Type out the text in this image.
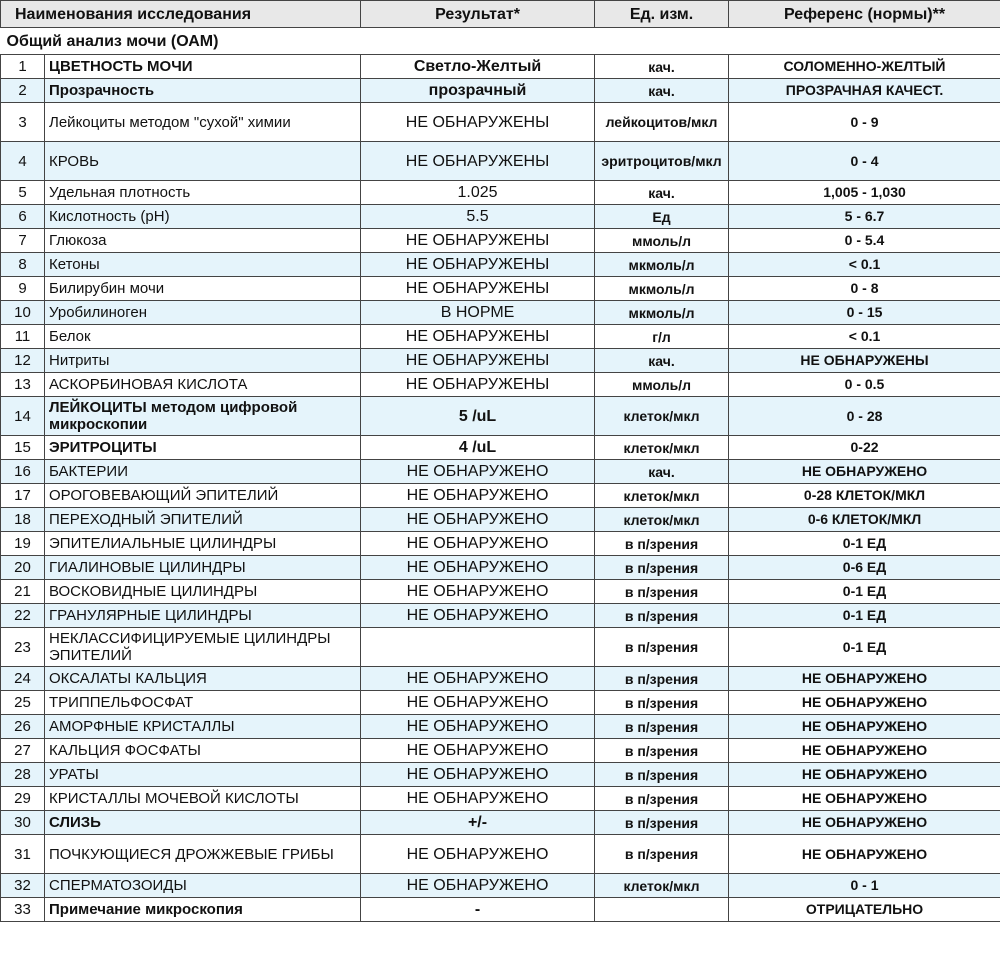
Наименования исследования		Результат*	Ед. изм.	Референс (нормы)**
Общий анализ мочи (ОАМ)				
1	ЦВЕТНОСТЬ МОЧИ	Светло-Желтый	кач.	СОЛОМЕННО-ЖЕЛТЫЙ
2	Прозрачность	прозрачный	кач.	ПРОЗРАЧНАЯ КАЧЕСТ.
3	Лейкоциты методом "сухой" химии	НЕ ОБНАРУЖЕНЫ	лейкоцитов/мкл	0 - 9
4	КРОВЬ	НЕ ОБНАРУЖЕНЫ	эритроцитов/мкл	0 - 4
5	Удельная плотность	1.025	кач.	1,005 - 1,030
6	Кислотность (pH)	5.5	Ед	5 - 6.7
7	Глюкоза	НЕ ОБНАРУЖЕНЫ	ммоль/л	0 - 5.4
8	Кетоны	НЕ ОБНАРУЖЕНЫ	мкмоль/л	< 0.1
9	Билирубин мочи	НЕ ОБНАРУЖЕНЫ	мкмоль/л	0 - 8
10	Уробилиноген	В НОРМЕ	мкмоль/л	0 - 15
11	Белок	НЕ ОБНАРУЖЕНЫ	г/л	< 0.1
12	Нитриты	НЕ ОБНАРУЖЕНЫ	кач.	НЕ ОБНАРУЖЕНЫ
13	АСКОРБИНОВАЯ КИСЛОТА	НЕ ОБНАРУЖЕНЫ	ммоль/л	0 - 0.5
14	ЛЕЙКОЦИТЫ методом цифровой микроскопии	5 /uL	клеток/мкл	0 - 28
15	ЭРИТРОЦИТЫ	4 /uL	клеток/мкл	0-22
16	БАКТЕРИИ	НЕ ОБНАРУЖЕНО	кач.	НЕ ОБНАРУЖЕНО
17	ОРОГОВЕВАЮЩИЙ ЭПИТЕЛИЙ	НЕ ОБНАРУЖЕНО	клеток/мкл	0-28 КЛЕТОК/МКЛ
18	ПЕРЕХОДНЫЙ ЭПИТЕЛИЙ	НЕ ОБНАРУЖЕНО	клеток/мкл	0-6 КЛЕТОК/МКЛ
19	ЭПИТЕЛИАЛЬНЫЕ ЦИЛИНДРЫ	НЕ ОБНАРУЖЕНО	в п/зрения	0-1 ЕД
20	ГИАЛИНОВЫЕ ЦИЛИНДРЫ	НЕ ОБНАРУЖЕНО	в п/зрения	0-6 ЕД
21	ВОСКОВИДНЫЕ ЦИЛИНДРЫ	НЕ ОБНАРУЖЕНО	в п/зрения	0-1 ЕД
22	ГРАНУЛЯРНЫЕ ЦИЛИНДРЫ	НЕ ОБНАРУЖЕНО	в п/зрения	0-1 ЕД
23	НЕКЛАССИФИЦИРУЕМЫЕ ЦИЛИНДРЫ ЭПИТЕЛИЙ		в п/зрения	0-1 ЕД
24	ОКСАЛАТЫ КАЛЬЦИЯ	НЕ ОБНАРУЖЕНО	в п/зрения	НЕ ОБНАРУЖЕНО
25	ТРИППЕЛЬФОСФАТ	НЕ ОБНАРУЖЕНО	в п/зрения	НЕ ОБНАРУЖЕНО
26	АМОРФНЫЕ КРИСТАЛЛЫ	НЕ ОБНАРУЖЕНО	в п/зрения	НЕ ОБНАРУЖЕНО
27	КАЛЬЦИЯ ФОСФАТЫ	НЕ ОБНАРУЖЕНО	в п/зрения	НЕ ОБНАРУЖЕНО
28	УРАТЫ	НЕ ОБНАРУЖЕНО	в п/зрения	НЕ ОБНАРУЖЕНО
29	КРИСТАЛЛЫ МОЧЕВОЙ КИСЛОТЫ	НЕ ОБНАРУЖЕНО	в п/зрения	НЕ ОБНАРУЖЕНО
30	СЛИЗЬ	+/-	в п/зрения	НЕ ОБНАРУЖЕНО
31	ПОЧКУЮЩИЕСЯ ДРОЖЖЕВЫЕ ГРИБЫ	НЕ ОБНАРУЖЕНО	в п/зрения	НЕ ОБНАРУЖЕНО
32	СПЕРМАТОЗОИДЫ	НЕ ОБНАРУЖЕНО	клеток/мкл	0 - 1
33	Примечание микроскопия	-		ОТРИЦАТЕЛЬНО
